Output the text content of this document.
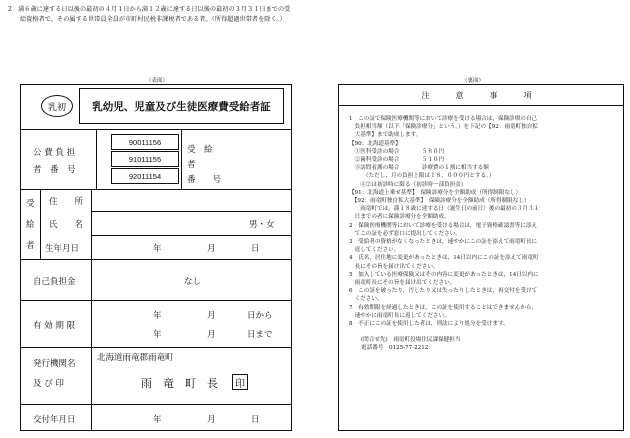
2　満６歳に達する日以後の最初の４月１日から満１２歳に達する日以後の最初の３月３１日までの受
給資格者で、その属する世帯員全員が市町村民税非課税者である者。（所得超過世帯者を除く。）
（表面）	（裏面）
乳初	乳幼児、児童及び生徒医療費受給者証
公 費 負 担
者　番　号
90011156
91011155
92011154
受　給
者
番　　号
受
給
者
住　　所
氏　　名	男・女
生年月日	年	月	日
自己負担金	なし
有 効 期 限
年	月	日から
年	月	日まで
発行機関名
及 び 印
北海道雨竜郡雨竜町
雨　竜　町　長	印
交付年月日	年	月	日
注　意　事　項
1　この証で保険医療機関等において診療を受ける場合は，保険診療の自己
　負担相当額（以下「保険診療分」という。）を下記の【92：雨竜町独自拡
　大基準】まで助成します。
【90：北海道基準】
　①医科受診の場合　　　　５８０円
　②歯科受診の場合　　　　５１０円
　③訪問看護の場合　　　　診療費の１割に相当する額
　　　（ただし，月の負担上限は１８，０００円とする。）
　　④②は初診時に限る（初診時一部負担金）
【91：北海道上乗せ基準】　保険診療分を全額助成（所得制限なし）
　【92：雨竜町独自拡大基準】　保険診療分を全額助成（所得制限なし）
　　雨竜町では，満１８歳に達する日（誕生日の前日）後の最初の３月３１
　日までの者に保険診療分を全額助成。
2　保険医療機関等において診療を受ける場合は，電子資格確認書等に添え
　てこの証を必ず窓口に提出してください。
3　受給者の資格がなくなったときは，速やかにこの証を添えて雨竜町長に
　返してください。
4　氏名，居住地に変更があったときは，14日以内にこの証を添えて雨竜町
　長にその旨を届け出てください。
5　加入している医療保険又はその内容に変更があったときは，14日以内に
　雨竜町長にその旨を届け出てください。
6　この証を破ったり，汚したり又は失ったりしたときは，再交付を受けて
　ください。
7　有効期限を経過したときは，この証を使用することはできませんから，
　速やかに雨竜町長に返してください。
8　不正にこの証を使用した者は，刑法により処分を受けます。
(問合せ先)　雨竜町役場住民課保健担当
電話番号　0125-77-2212
